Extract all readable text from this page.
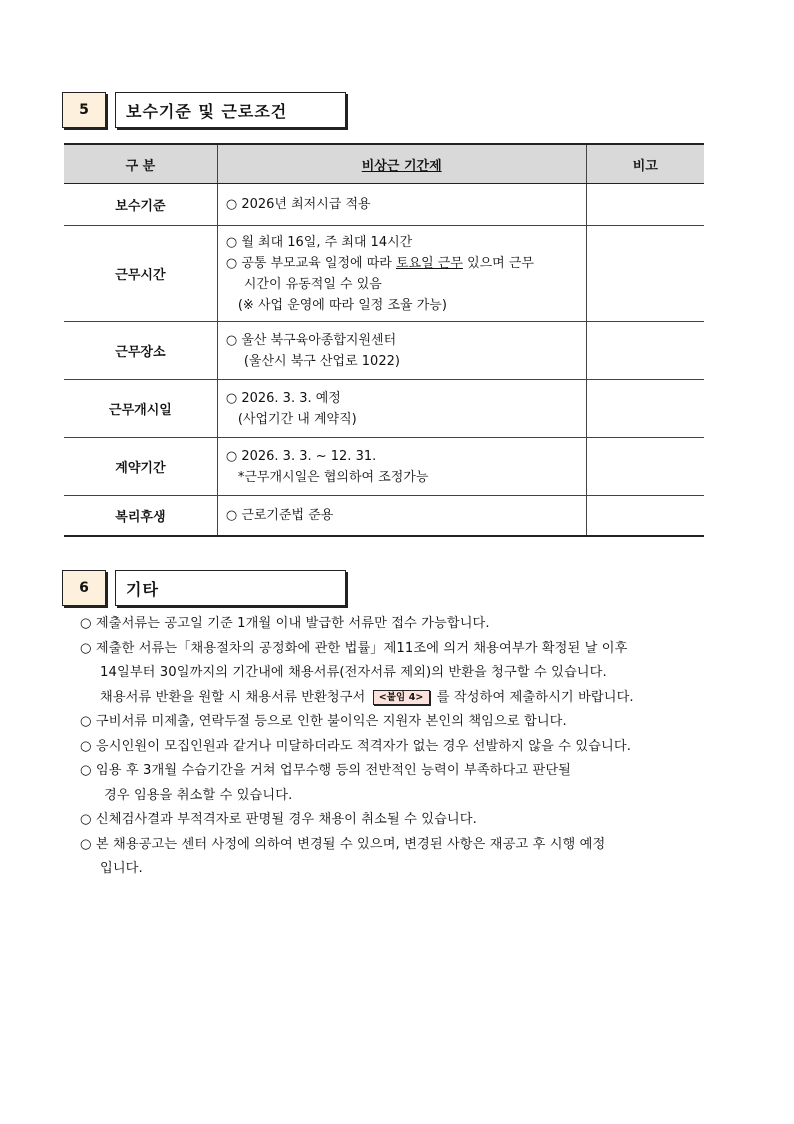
5	보수기준 및 근로조건
구 분	비상근 기간제	비고
보수기준	○ 2026년 최저시급 적용	

근무시간	○ 월 최대 16일, 주 최대 14시간
○ 공통 부모교육 일정에 따라 토요일 근무 있으며 근무
시간이 유동적일 수 있음
(※ 사업 운영에 따라 일정 조율 가능)	

근무장소	○ 울산 북구육아종합지원센터
(울산시 북구 산업로 1022)	

근무개시일	○ 2026. 3. 3. 예정
(사업기간 내 계약직)	

계약기간	○ 2026. 3. 3. ~ 12. 31.
*근무개시일은 협의하여 조정가능	

복리후생	○ 근로기준법 준용	

6	기타
○ 제출서류는 공고일 기준 1개월 이내 발급한 서류만 접수 가능합니다.
○ 제출한 서류는「채용절차의 공정화에 관한 법률」제11조에 의거 채용여부가 확정된 날 이후
14일부터 30일까지의 기간내에 채용서류(전자서류 제외)의 반환을 청구할 수 있습니다.
채용서류 반환을 원할 시 채용서류 반환청구서 <붙임 4> 를 작성하여 제출하시기 바랍니다.
○ 구비서류 미제출, 연락두절 등으로 인한 불이익은 지원자 본인의 책임으로 합니다.
○ 응시인원이 모집인원과 같거나 미달하더라도 적격자가 없는 경우 선발하지 않을 수 있습니다.
○ 임용 후 3개월 수습기간을 거쳐 업무수행 등의 전반적인 능력이 부족하다고 판단될
경우 임용을 취소할 수 있습니다.
○ 신체검사결과 부적격자로 판명될 경우 채용이 취소될 수 있습니다.
○ 본 채용공고는 센터 사정에 의하여 변경될 수 있으며, 변경된 사항은 재공고 후 시행 예정
입니다.
